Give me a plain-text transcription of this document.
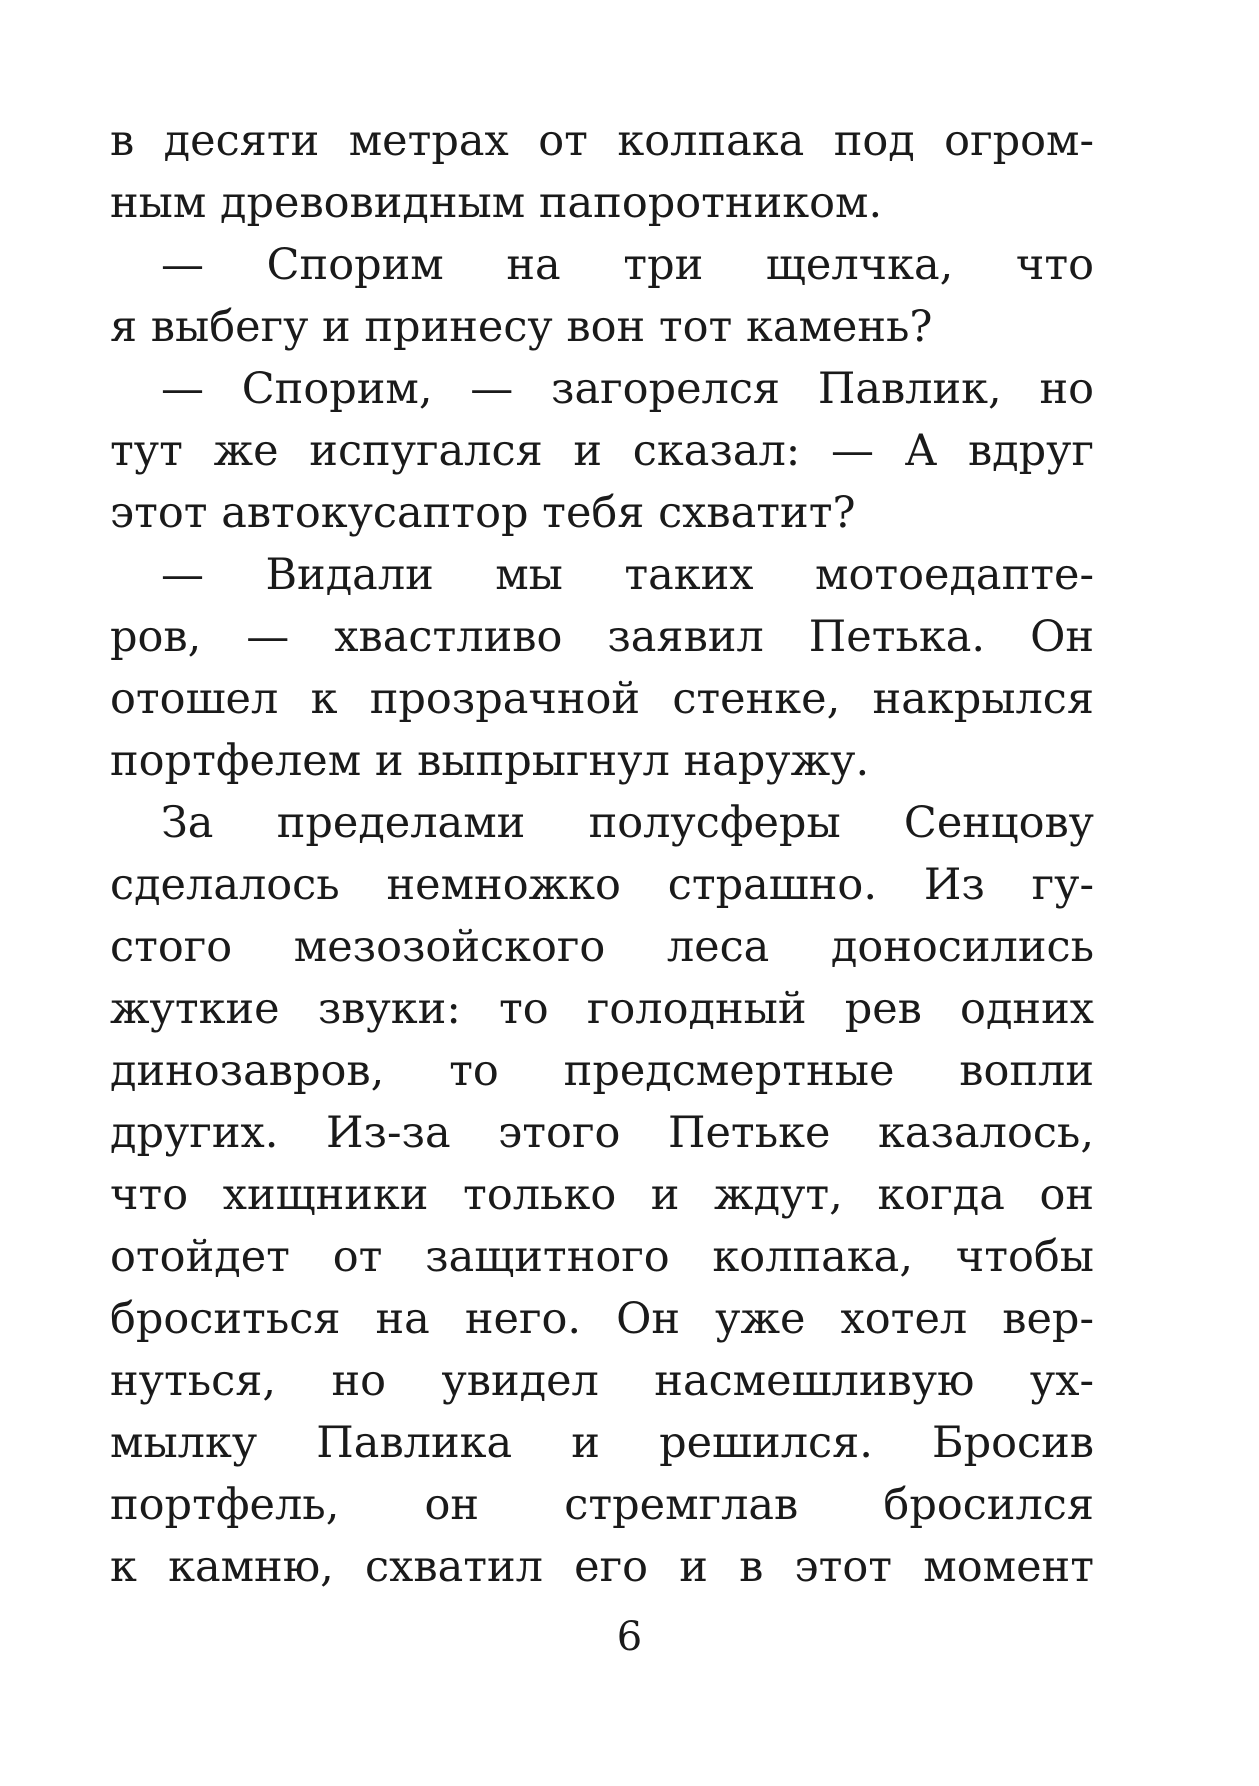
в десяти метрах от колпака под огром-
ным древовидным папоротником.
— Спорим на три щелчка, что
я выбегу и принесу вон тот камень?
— Спорим, — загорелся Павлик, но
тут же испугался и сказал: — А вдруг
этот автокусаптор тебя схватит?
— Видали мы таких мотоедапте-
ров, — хвастливо заявил Петька. Он
отошел к прозрачной стенке, накрылся
портфелем и выпрыгнул наружу.
За пределами полусферы Сенцову
сделалось немножко страшно. Из гу-
стого мезозойского леса доносились
жуткие звуки: то голодный рев одних
динозавров, то предсмертные вопли
других. Из-за этого Петьке казалось,
что хищники только и ждут, когда он
отойдет от защитного колпака, чтобы
броситься на него. Он уже хотел вер-
нуться, но увидел насмешливую ух-
мылку Павлика и решился. Бросив
портфель, он стремглав бросился
к камню, схватил его и в этот момент
6
